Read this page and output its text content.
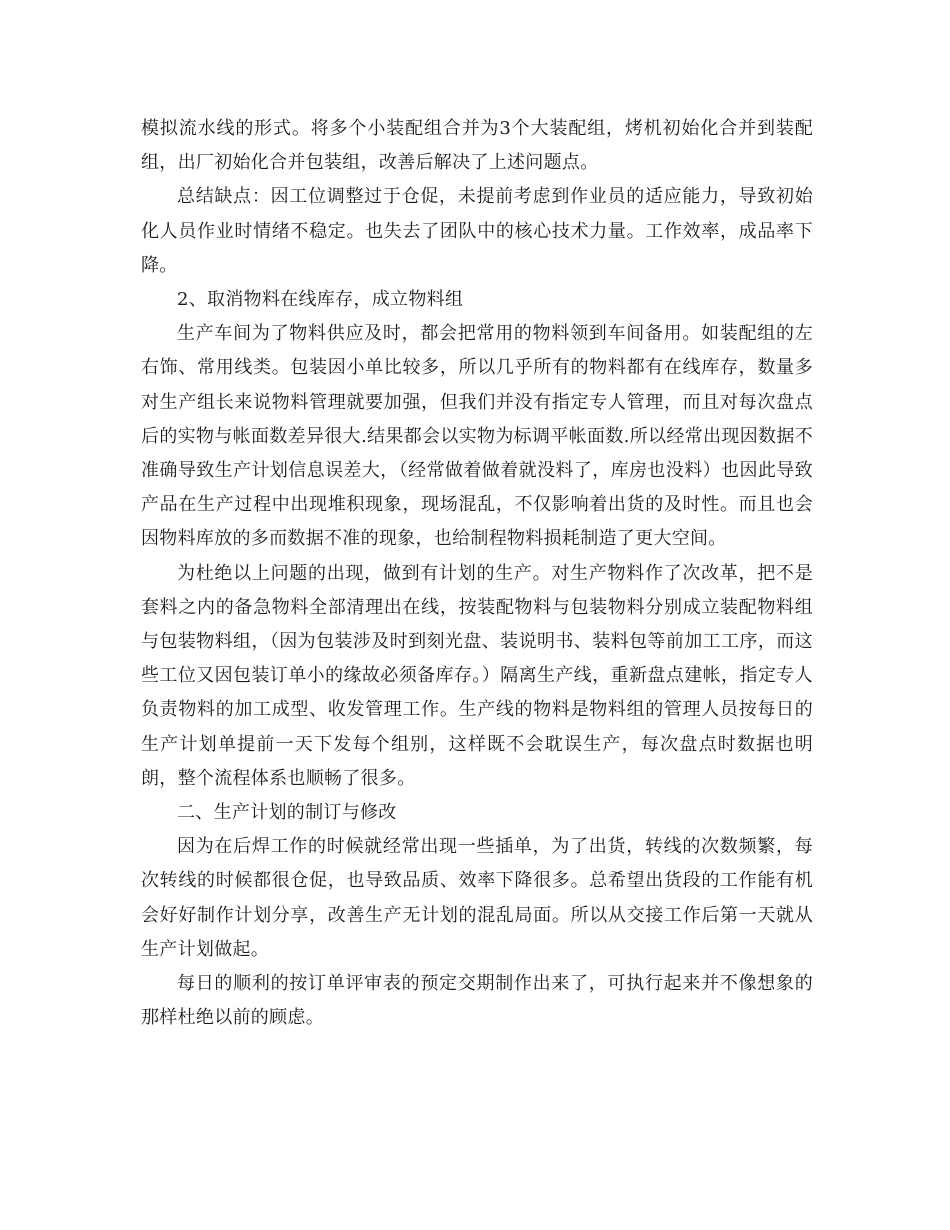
模拟流水线的形式。将多个小装配组合并为3个大装配组，烤机初始化合并到装配组，出厂初始化合并包装组，改善后解决了上述问题点。

总结缺点：因工位调整过于仓促，未提前考虑到作业员的适应能力，导致初始化人员作业时情绪不稳定。也失去了团队中的核心技术力量。工作效率，成品率下降。

2、取消物料在线库存，成立物料组

生产车间为了物料供应及时，都会把常用的物料领到车间备用。如装配组的左右饰、常用线类。包装因小单比较多，所以几乎所有的物料都有在线库存，数量多对生产组长来说物料管理就要加强，但我们并没有指定专人管理，而且对每次盘点后的实物与帐面数差异很大.结果都会以实物为标调平帐面数.所以经常出现因数据不准确导致生产计划信息误差大，（经常做着做着就没料了，库房也没料）也因此导致产品在生产过程中出现堆积现象，现场混乱，不仅影响着出货的及时性。而且也会因物料库放的多而数据不准的现象，也给制程物料损耗制造了更大空间。

为杜绝以上问题的出现，做到有计划的生产。对生产物料作了次改革，把不是套料之内的备急物料全部清理出在线，按装配物料与包装物料分别成立装配物料组与包装物料组，（因为包装涉及时到刻光盘、装说明书、装料包等前加工工序，而这些工位又因包装订单小的缘故必须备库存。）隔离生产线，重新盘点建帐，指定专人负责物料的加工成型、收发管理工作。生产线的物料是物料组的管理人员按每日的生产计划单提前一天下发每个组别，这样既不会耽误生产，每次盘点时数据也明朗，整个流程体系也顺畅了很多。

二、生产计划的制订与修改

因为在后焊工作的时候就经常出现一些插单，为了出货，转线的次数频繁，每次转线的时候都很仓促，也导致品质、效率下降很多。总希望出货段的工作能有机会好好制作计划分享，改善生产无计划的混乱局面。所以从交接工作后第一天就从生产计划做起。

每日的顺利的按订单评审表的预定交期制作出来了，可执行起来并不像想象的那样杜绝以前的顾虑。
